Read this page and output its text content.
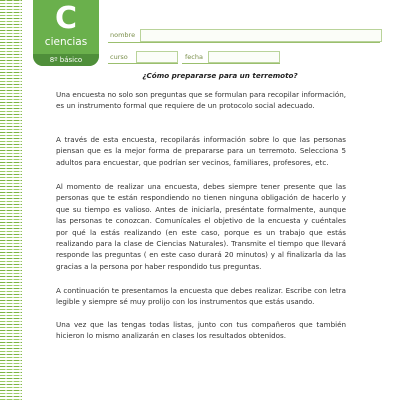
C
ciencias
8º básico
nombre
curso	fecha
¿Cómo prepararse para un terremoto?

Una encuesta no solo son preguntas que se formulan para recopilar información, es un instrumento formal que requiere de un protocolo social adecuado.

A través de esta encuesta, recopilarás información sobre lo que las personas piensan que es la mejor forma de prepararse para un terremoto. Selecciona 5 adultos para encuestar, que podrían ser vecinos, familiares, profesores, etc.

Al momento de realizar una encuesta, debes siempre tener presente que las personas que te están respondiendo no tienen ninguna obligación de hacerlo y que su tiempo es valioso. Antes de iniciarla, preséntate formalmente, aunque las personas te conozcan. Comunícales el objetivo de la encuesta y cuéntales por qué la estás realizando (en este caso, porque es un trabajo que estás realizando para la clase de Ciencias Naturales). Transmite el tiempo que llevará responde las preguntas ( en este caso durará 20 minutos) y al finalizarla da las gracias a la persona por haber respondido tus preguntas.

A continuación te presentamos la encuesta que debes realizar. Escribe con letra legible y siempre sé muy prolijo con los instrumentos que estás usando.

Una vez que las tengas todas listas, junto con tus compañeros que también hicieron lo mismo analizarán en clases los resultados obtenidos.
